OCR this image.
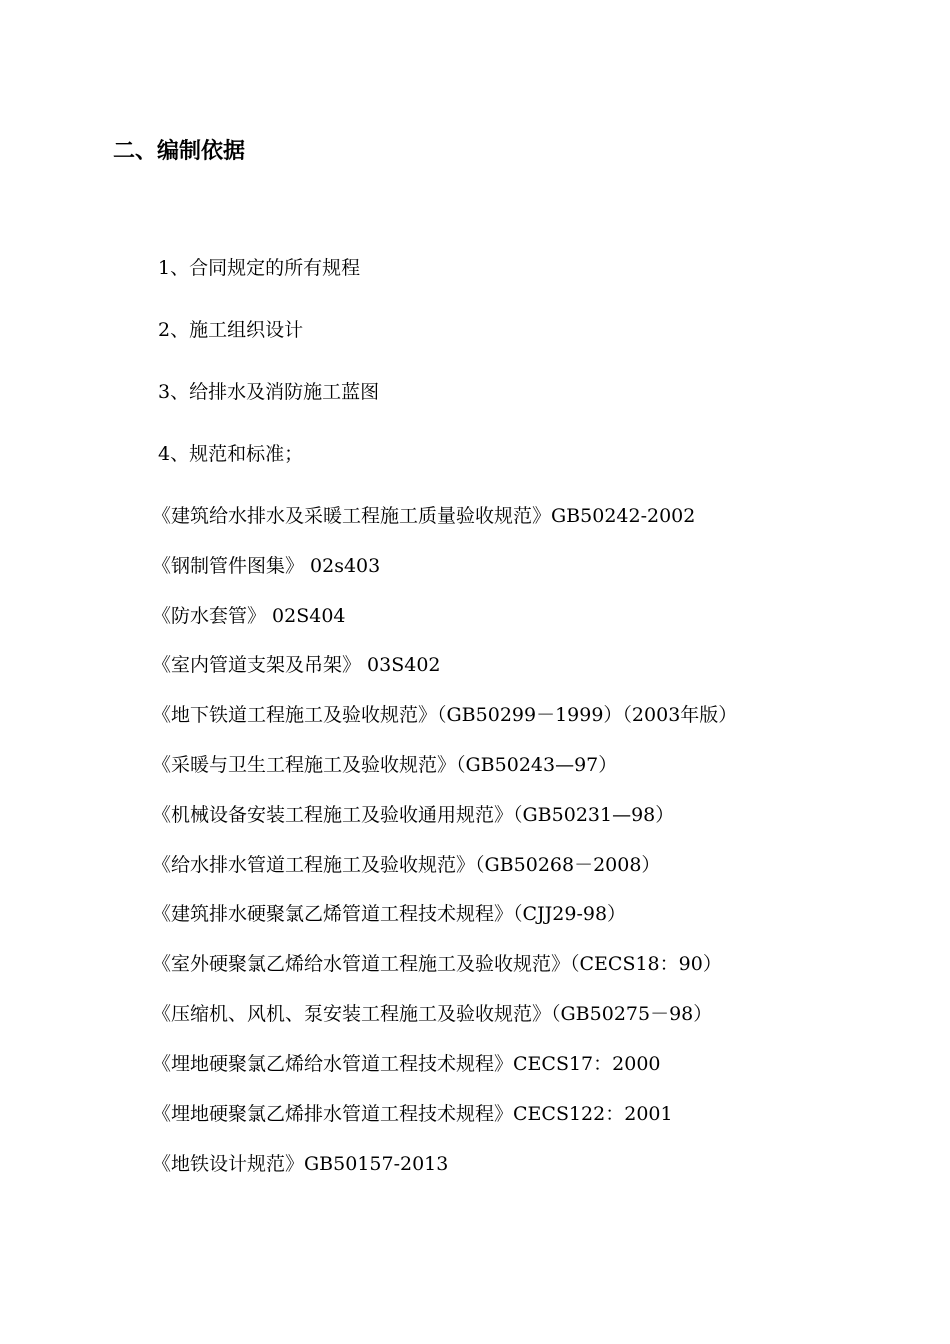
二、编制依据
1、合同规定的所有规程
2、施工组织设计
3、给排水及消防施工蓝图
4、规范和标准；
《建筑给水排水及采暖工程施工质量验收规范》GB50242-2002
《钢制管件图集》 02s403
《防水套管》 02S404
《室内管道支架及吊架》 03S402
《地下铁道工程施工及验收规范》（GB50299－1999）（2003年版）
《采暖与卫生工程施工及验收规范》（GB50243—97）
《机械设备安装工程施工及验收通用规范》（GB50231—98）
《给水排水管道工程施工及验收规范》（GB50268－2008）
《建筑排水硬聚氯乙烯管道工程技术规程》（CJJ29-98）
《室外硬聚氯乙烯给水管道工程施工及验收规范》（CECS18：90）
《压缩机、风机、泵安装工程施工及验收规范》（GB50275－98）
《埋地硬聚氯乙烯给水管道工程技术规程》CECS17：2000
《埋地硬聚氯乙烯排水管道工程技术规程》CECS122：2001
《地铁设计规范》GB50157-2013
